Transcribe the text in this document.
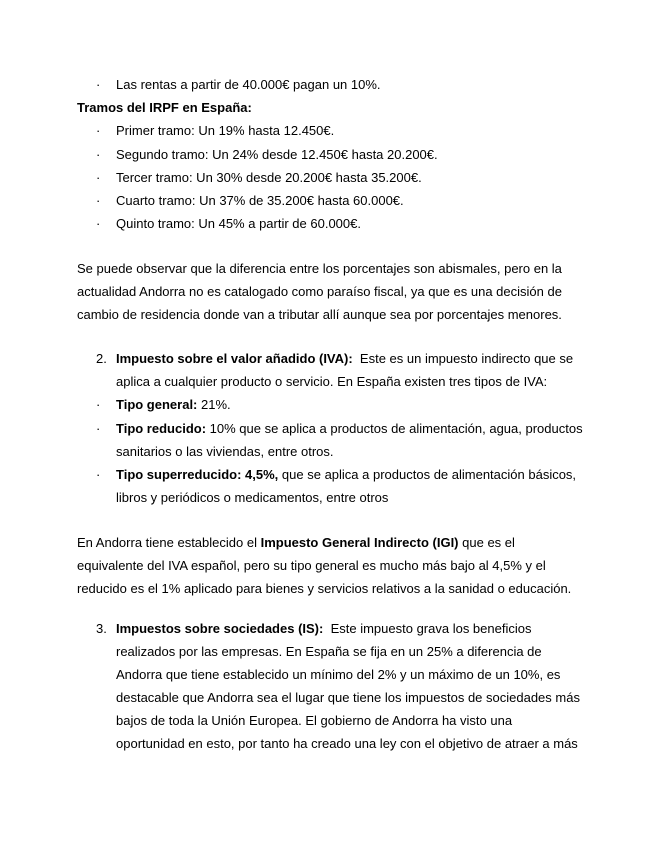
· Las rentas a partir de 40.000€ pagan un 10%.
Tramos del IRPF en España:
· Primer tramo: Un 19% hasta 12.450€.
· Segundo tramo: Un 24% desde 12.450€ hasta 20.200€.
· Tercer tramo: Un 30% desde 20.200€ hasta 35.200€.
· Cuarto tramo: Un 37% de 35.200€ hasta 60.000€.
· Quinto tramo: Un 45% a partir de 60.000€.
Se puede observar que la diferencia entre los porcentajes son abismales, pero en la
actualidad Andorra no es catalogado como paraíso fiscal, ya que es una decisión de
cambio de residencia donde van a tributar allí aunque sea por porcentajes menores.
2. Impuesto sobre el valor añadido (IVA): Este es un impuesto indirecto que se
aplica a cualquier producto o servicio. En España existen tres tipos de IVA:
· Tipo general: 21%.
· Tipo reducido: 10% que se aplica a productos de alimentación, agua, productos
sanitarios o las viviendas, entre otros.
· Tipo superreducido: 4,5%, que se aplica a productos de alimentación básicos,
libros y periódicos o medicamentos, entre otros
En Andorra tiene establecido el Impuesto General Indirecto (IGI) que es el
equivalente del IVA español, pero su tipo general es mucho más bajo al 4,5% y el
reducido es el 1% aplicado para bienes y servicios relativos a la sanidad o educación.
3. Impuestos sobre sociedades (IS): Este impuesto grava los beneficios
realizados por las empresas. En España se fija en un 25% a diferencia de
Andorra que tiene establecido un mínimo del 2% y un máximo de un 10%, es
destacable que Andorra sea el lugar que tiene los impuestos de sociedades más
bajos de toda la Unión Europea. El gobierno de Andorra ha visto una
oportunidad en esto, por tanto ha creado una ley con el objetivo de atraer a más
